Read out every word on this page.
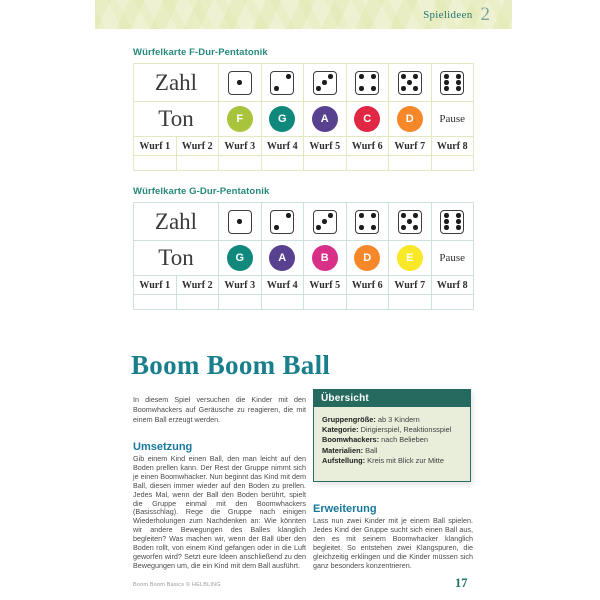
Spielideen 2
Würfelkarte F-Dur-Pentatonik
Zahl
Ton	F	G	A	C	D	Pause
Wurf 1 Wurf 2 Wurf 3 Wurf 4 Wurf 5 Wurf 6 Wurf 7 Wurf 8
Würfelkarte G-Dur-Pentatonik
Zahl
Ton	G	A	B	D	E	Pause
Wurf 1 Wurf 2 Wurf 3 Wurf 4 Wurf 5 Wurf 6 Wurf 7 Wurf 8
Boom Boom Ball
In diesem Spiel versuchen die Kinder mit den Boomwhackers auf Geräusche zu reagieren, die mit einem Ball erzeugt werden.
Umsetzung
Gib einem Kind einen Ball, den man leicht auf den Boden prellen kann. Der Rest der Gruppe nimmt sich je einen Boomwhacker. Nun beginnt das Kind mit dem Ball, diesen immer wieder auf den Boden zu prellen. Jedes Mal, wenn der Ball den Boden berührt, spielt die Gruppe einmal mit den Boomwhackers (Basisschlag). Rege die Gruppe nach einigen Wiederholungen zum Nachdenken an: Wie könnten wir andere Bewegungen des Balles klanglich begleiten? Was machen wir, wenn der Ball über den Boden rollt, von einem Kind gefangen oder in die Luft geworfen wird? Setzt eure Ideen anschließend zu den Bewegungen um, die ein Kind mit dem Ball ausführt.
Übersicht
Gruppengröße: ab 3 Kindern
Kategorie: Dirigierspiel, Reaktionsspiel
Boomwhackers: nach Belieben
Materialien: Ball
Aufstellung: Kreis mit Blick zur Mitte
Erweiterung
Lass nun zwei Kinder mit je einem Ball spielen. Jedes Kind der Gruppe sucht sich einen Ball aus, den es mit seinem Boomwhacker klanglich begleitet. So entstehen zwei Klangspuren, die gleichzeitig erklingen und die Kinder müssen sich ganz besonders konzentrieren.
Boom Boom Basics © HELBLING	17
